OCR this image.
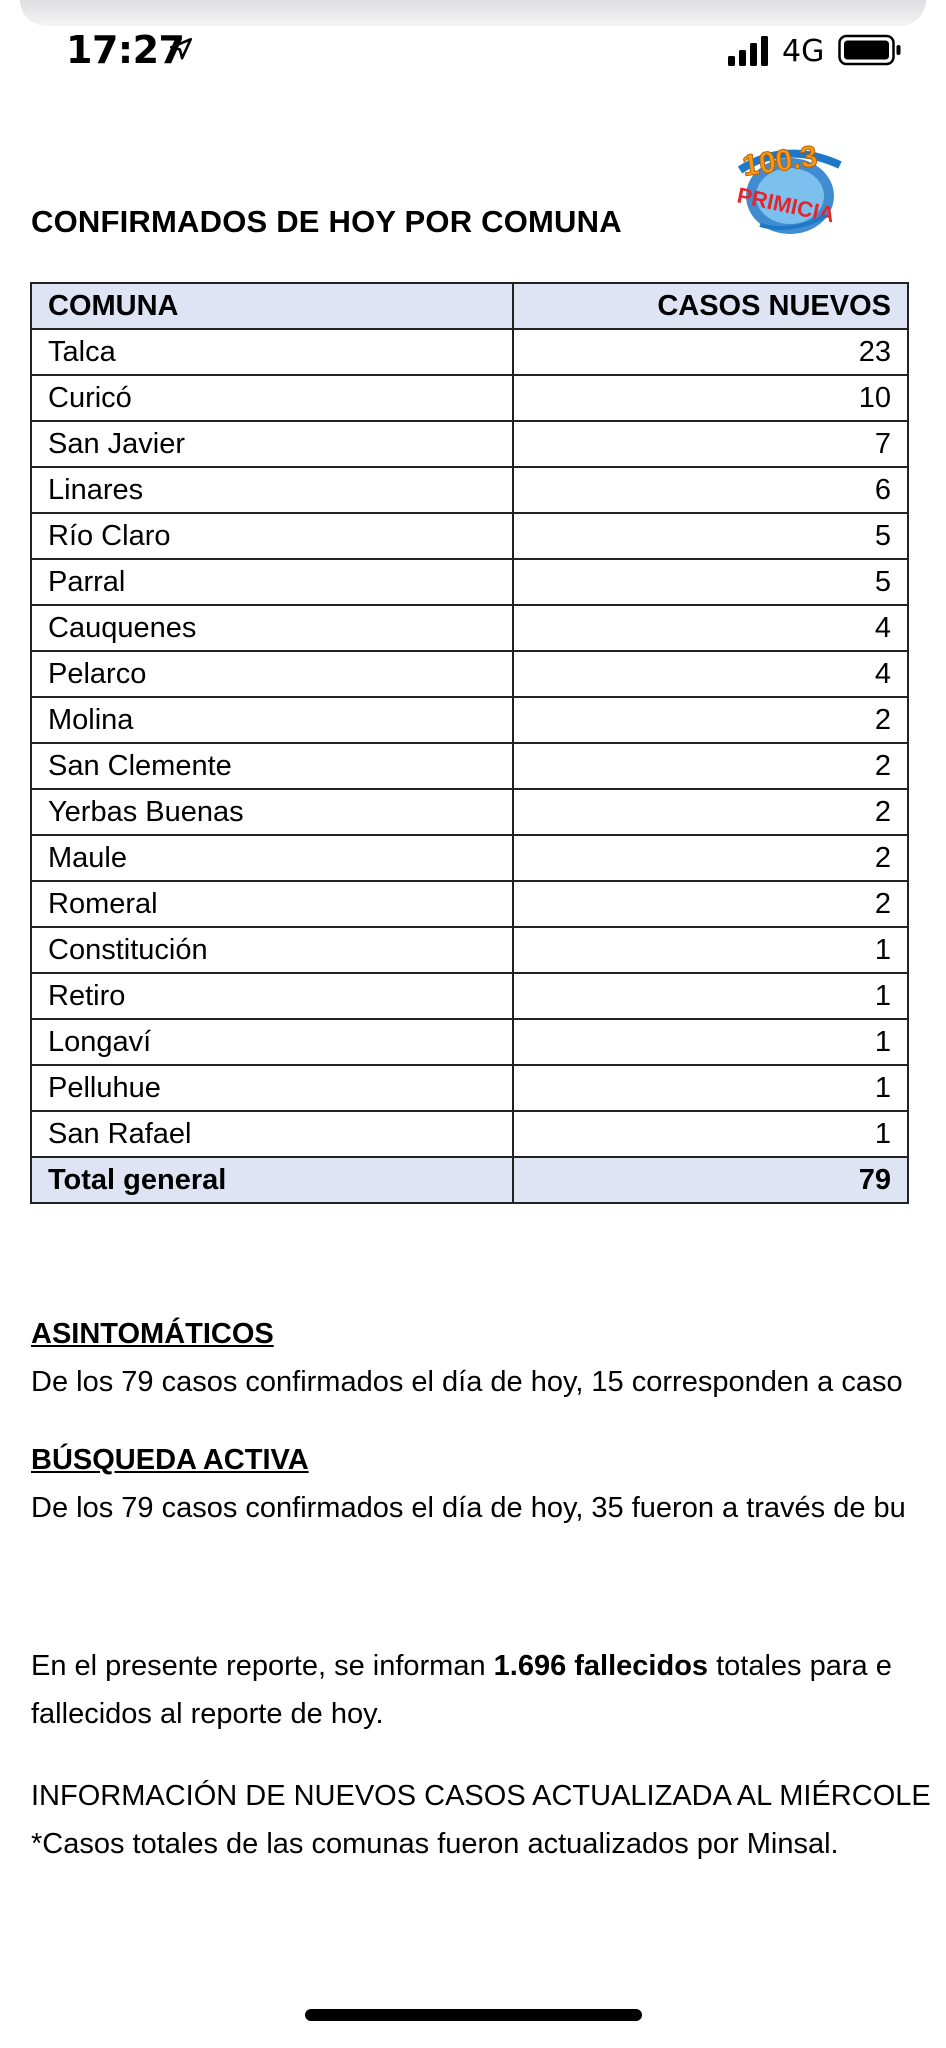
17:27	4G
100.3
PRIMICIA
CONFIRMADOS DE HOY POR COMUNA
COMUNA	CASOS NUEVOS
Talca	23
Curicó	10
San Javier	7
Linares	6
Río Claro	5
Parral	5
Cauquenes	4
Pelarco	4
Molina	2
San Clemente	2
Yerbas Buenas	2
Maule	2
Romeral	2
Constitución	1
Retiro	1
Longaví	1
Pelluhue	1
San Rafael	1
Total general	79
ASINTOMÁTICOS
De los 79 casos confirmados el día de hoy, 15 corresponden a caso
BÚSQUEDA ACTIVA
De los 79 casos confirmados el día de hoy, 35 fueron a través de bu
En el presente reporte, se informan 1.696 fallecidos totales para e
fallecidos al reporte de hoy.
INFORMACIÓN DE NUEVOS CASOS ACTUALIZADA AL MIÉRCOLE
*Casos totales de las comunas fueron actualizados por Minsal.
